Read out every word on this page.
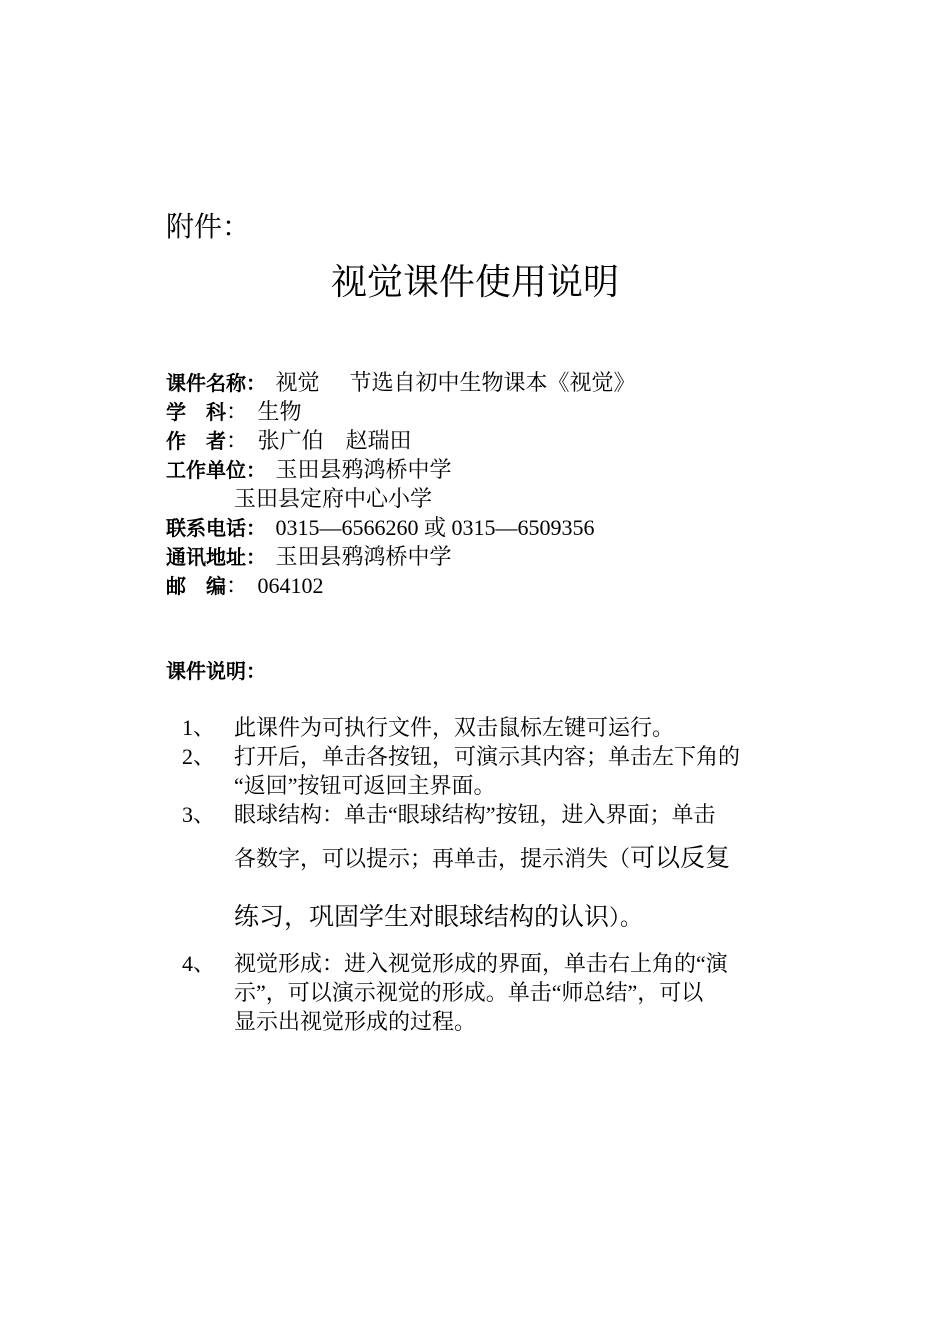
附件：
视觉课件使用说明
课件名称： 视觉 节选自初中生物课本《视觉》
学　科： 生物
作　者： 张广伯 赵瑞田
工作单位： 玉田县鸦鸿桥中学
玉田县定府中心小学
联系电话： 0315—6566260 或 0315—6509356
通讯地址： 玉田县鸦鸿桥中学
邮　编： 064102
课件说明：
1、 此课件为可执行文件，双击鼠标左键可运行。

2、 打开后，单击各按钮，可演示其内容；单击左下角的

“返回”按钮可返回主界面。

3、 眼球结构：单击“眼球结构”按钮，进入界面；单击

各数字，可以提示；再单击，提示消失（可以反复

练习，巩固学生对眼球结构的认识）。

4、 视觉形成：进入视觉形成的界面，单击右上角的“演

示”，可以演示视觉的形成。单击“师总结”，可以

显示出视觉形成的过程。
